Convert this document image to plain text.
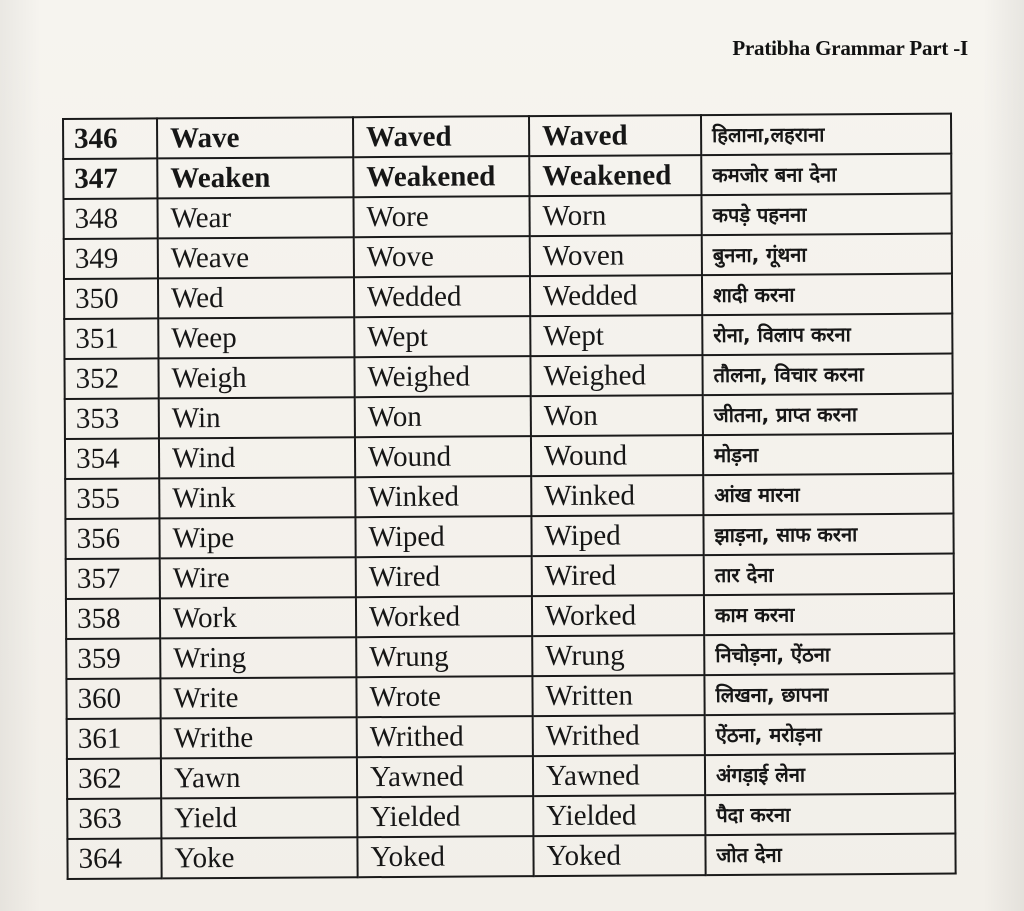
Pratibha Grammar Part -I
346	Wave	Waved	Waved	हिलाना,लहराना
347	Weaken	Weakened	Weakened	कमजोर बना देना
348	Wear	Wore	Worn	कपड़े पहनना
349	Weave	Wove	Woven	बुनना, गूंथना
350	Wed	Wedded	Wedded	शादी करना
351	Weep	Wept	Wept	रोना, विलाप करना
352	Weigh	Weighed	Weighed	तौलना, विचार करना
353	Win	Won	Won	जीतना, प्राप्त करना
354	Wind	Wound	Wound	मोड़ना
355	Wink	Winked	Winked	आंख मारना
356	Wipe	Wiped	Wiped	झाड़ना, साफ करना
357	Wire	Wired	Wired	तार देना
358	Work	Worked	Worked	काम करना
359	Wring	Wrung	Wrung	निचोड़ना, ऐंठना
360	Write	Wrote	Written	लिखना, छापना
361	Writhe	Writhed	Writhed	ऐंठना, मरोड़ना
362	Yawn	Yawned	Yawned	अंगड़ाई लेना
363	Yield	Yielded	Yielded	पैदा करना
364	Yoke	Yoked	Yoked	जोत देना
